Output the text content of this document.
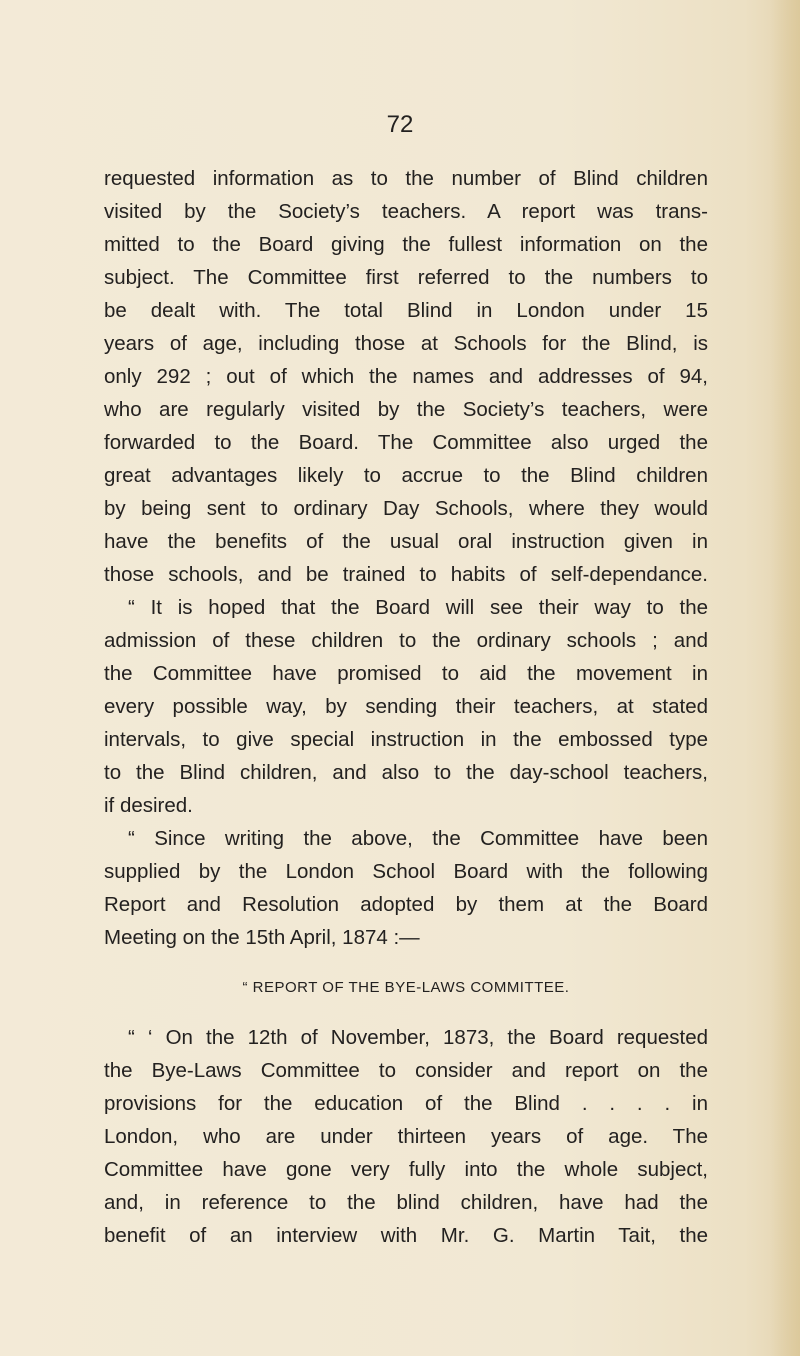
72
requested information as to the number of Blind children
visited by the Society’s teachers. A report was trans-
mitted to the Board giving the fullest information on the
subject. The Committee first referred to the numbers to
be dealt with. The total Blind in London under 15
years of age, including those at Schools for the Blind, is
only 292 ; out of which the names and addresses of 94,
who are regularly visited by the Society’s teachers, were
forwarded to the Board. The Committee also urged the
great advantages likely to accrue to the Blind children
by being sent to ordinary Day Schools, where they would
have the benefits of the usual oral instruction given in
those schools, and be trained to habits of self-dependance.
“ It is hoped that the Board will see their way to the
admission of these children to the ordinary schools ; and
the Committee have promised to aid the movement in
every possible way, by sending their teachers, at stated
intervals, to give special instruction in the embossed type
to the Blind children, and also to the day-school teachers,
if desired.
“ Since writing the above, the Committee have been
supplied by the London School Board with the following
Report and Resolution adopted by them at the Board
Meeting on the 15th April, 1874 :—
“ REPORT OF THE BYE-LAWS COMMITTEE.
“ ‘ On the 12th of November, 1873, the Board requested
the Bye-Laws Committee to consider and report on the
provisions for the education of the Blind . . . . in
London, who are under thirteen years of age. The
Committee have gone very fully into the whole subject,
and, in reference to the blind children, have had the
benefit of an interview with Mr. G. Martin Tait, the
